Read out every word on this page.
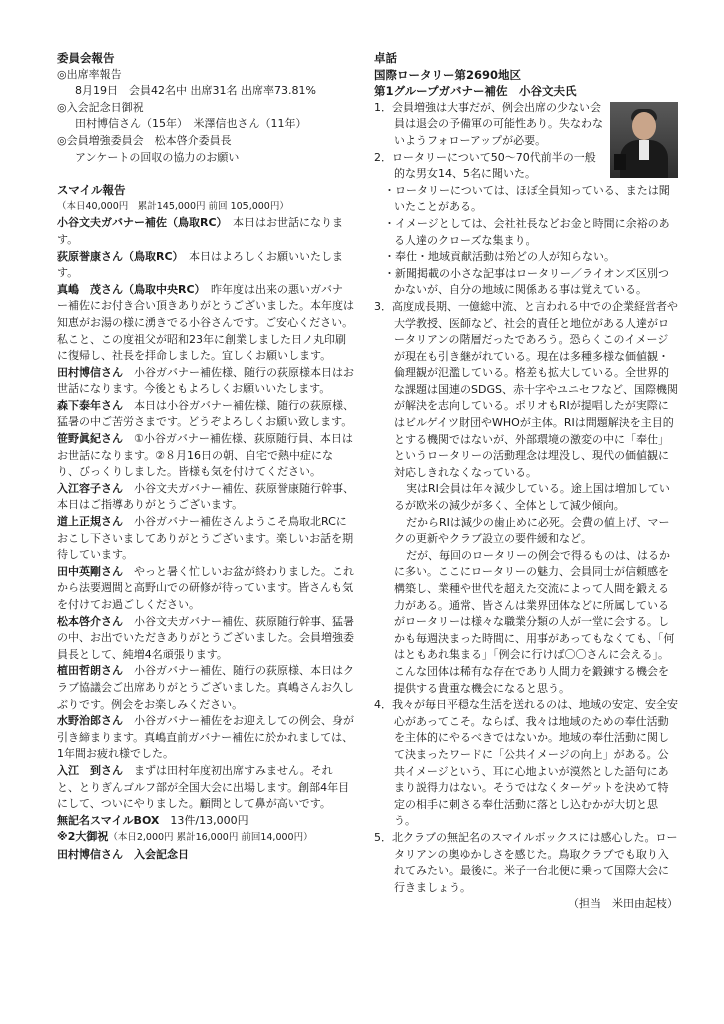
委員会報告

◎出席率報告

8月19日　会員42名中 出席31名 出席率73.81%

◎入会記念日御祝

田村博信さん（15年）　米澤信也さん（11年）

◎会員増強委員会　松本啓介委員長

アンケートの回収の協力のお願い

スマイル報告

（本日40,000円　累計145,000円 前回 105,000円）

小谷文夫ガバナー補佐（鳥取RC）　 本日はお世話になります。

荻原誉康さん（鳥取RC）　 本日はよろしくお願いいたします。

真嶋　茂さん（鳥取中央RC）　 昨年度は出来の悪いガバナー補佐にお付き合い頂きありがとうございました。本年度は知恵がお湯の様に湧きでる小谷さんです。ご安心ください。私こと、この度祖父が昭和23年に創業しました日ノ丸印刷に復帰し、社長を拝命しました。宜しくお願いします。

田村博信さん　 小谷ガバナー補佐様、随行の荻原様本日はお世話になります。今後ともよろしくお願いいたします。

森下泰年さん　 本日は小谷ガバナー補佐様、随行の荻原様、猛暑の中ご苦労さまです。どうぞよろしくお願い致します。

笹野眞紀さん　 ①小谷ガバナー補佐様、荻原随行員、本日はお世話になります。②８月16日の朝、自宅で熱中症になり、びっくりしました。皆様も気を付けてください。

入江容子さん　 小谷文夫ガバナー補佐、荻原誉康随行幹事、本日はご指導ありがとうございます。

道上正規さん　 小谷ガバナー補佐さんようこそ鳥取北RCにおこし下さいましてありがとうございます。楽しいお話を期待しています。

田中英剛さん　 やっと暑く忙しいお盆が終わりました。これから法要週間と高野山での研修が待っています。皆さんも気を付けてお過ごしください。

松本啓介さん　 小谷文夫ガバナー補佐、荻原随行幹事、猛暑の中、お出でいただきありがとうございました。会員増強委員長として、純増4名頑張ります。

植田哲朗さん　 小谷ガバナー補佐、随行の荻原様、本日はクラブ協議会ご出席ありがとうございました。真嶋さんお久しぶりです。例会をお楽しみください。

水野治郎さん　 小谷ガバナー補佐をお迎えしての例会、身が引き締まります。真嶋直前ガバナー補佐に於かれましては、1年間お疲れ様でした。

入江　到さん　 まずは田村年度初出席すみません。それと、とりぎんゴルフ部が全国大会に出場します。創部4年目にして、ついにやりました。顧問として鼻が高いです。

無記名スマイルBOX　 13件/13,000円

※2大御祝（本日2,000円 累計16,000円 前回14,000円）

田村博信さん　入会記念日

卓話

国際ロータリー第2690地区

第1グループガバナー補佐　小谷文夫氏

1．会員増強は大事だが、例会出席の少ない会員は退会の予備軍の可能性あり。失なわないようフォローアップが必要。

2．ロータリーについて50～70代前半の一般的な男女14、5名に聞いた。

・ロータリーについては、ほぼ全員知っている、または聞いたことがある。

・イメージとしては、会社社長などお金と時間に余裕のある人達のクローズな集まり。

・奉仕・地域貢献活動は殆どの人が知らない。

・新聞掲載の小さな記事はロータリー／ライオンズ区別つかないが、自分の地域に関係ある事は覚えている。

3．高度成長期、一億総中流、と言われる中での企業経営者や大学教授、医師など、社会的責任と地位がある人達がロータリアンの階層だったであろう。恐らくこのイメージが現在も引き継がれている。現在は多種多様な価値観・倫理観が氾濫している。格差も拡大している。全世界的な課題は国連のSDGS、赤十字やユニセフなど、国際機関が解決を志向している。ポリオもRIが提唱したが実際にはビルゲイツ財団やWHOが主体。RIは問題解決を主目的とする機関ではないが、外部環境の激変の中に「奉仕」というロータリーの活動理念は埋没し、現代の価値観に対応しきれなくなっている。

実はRI会員は年々減少している。途上国は増加しているが欧米の減少が多く、全体として減少傾向。

だからRIは減少の歯止めに必死。会費の値上げ、マークの更新やクラブ設立の要件緩和など。

だが、毎回のロータリーの例会で得るものは、はるかに多い。ここにロータリーの魅力、会員同士が信頼感を構築し、業種や世代を超えた交流によって人間を鍛える力がある。通常、皆さんは業界団体などに所属しているがロータリーは様々な職業分類の人が一堂に会する。しかも毎週決まった時間に、用事があってもなくても、「何はともあれ集まる」「例会に行けば〇〇さんに会える」。こんな団体は稀有な存在であり人間力を鍛錬する機会を提供する貴重な機会になると思う。

4．我々が毎日平穏な生活を送れるのは、地域の安定、安全安心があってこそ。ならば、我々は地域のための奉仕活動を主体的にやるべきではないか。地域の奉仕活動に関して決まったワードに「公共イメージの向上」がある。公共イメージという、耳に心地よいが漠然とした語句にあまり説得力はない。そうではなくターゲットを決めて特定の相手に刺さる奉仕活動に落とし込むかが大切と思う。

5．北クラブの無記名のスマイルボックスには感心した。ロータリアンの奥ゆかしさを感じた。鳥取クラブでも取り入れてみたい。最後に。米子一台北便に乗って国際大会に行きましょう。

（担当　米田由起枝）
